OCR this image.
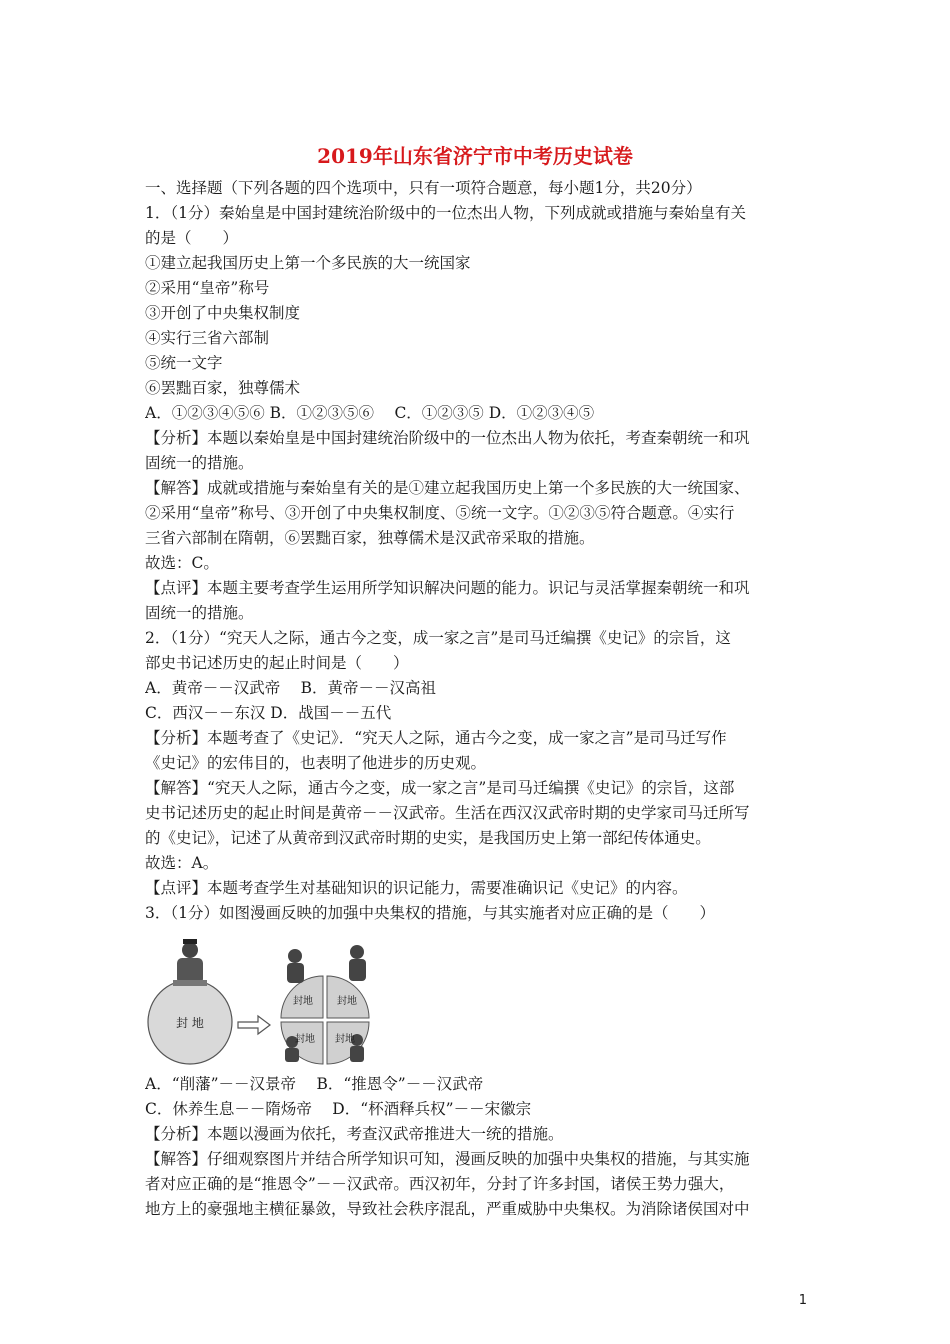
2019年山东省济宁市中考历史试卷
一、选择题（下列各题的四个选项中，只有一项符合题意，每小题1分，共20分）
1．（1分）秦始皇是中国封建统治阶级中的一位杰出人物，下列成就或措施与秦始皇有关
的是（　　）
①建立起我国历史上第一个多民族的大一统国家
②采用“皇帝”称号
③开创了中央集权制度
④实行三省六部制
⑤统一文字
⑥罢黜百家，独尊儒术
A．①②③④⑤⑥ B．①②③⑤⑥　 C．①②③⑤ D．①②③④⑤
【分析】本题以秦始皇是中国封建统治阶级中的一位杰出人物为依托，考查秦朝统一和巩
固统一的措施。
【解答】成就或措施与秦始皇有关的是①建立起我国历史上第一个多民族的大一统国家、
②采用“皇帝”称号、③开创了中央集权制度、⑤统一文字。①②③⑤符合题意。④实行
三省六部制在隋朝，⑥罢黜百家，独尊儒术是汉武帝采取的措施。
故选：C。
【点评】本题主要考查学生运用所学知识解决问题的能力。识记与灵活掌握秦朝统一和巩
固统一的措施。
2．（1分）“究天人之际，通古今之变，成一家之言”是司马迁编撰《史记》的宗旨，这
部史书记述历史的起止时间是（　　）
A．黄帝－－汉武帝　 B．黄帝－－汉高祖
C．西汉－－东汉 D．战国－－五代
【分析】本题考查了《史记》．“究天人之际，通古今之变，成一家之言”是司马迁写作
《史记》的宏伟目的，也表明了他进步的历史观。
【解答】“究天人之际，通古今之变，成一家之言”是司马迁编撰《史记》的宗旨，这部
史书记述历史的起止时间是黄帝－－汉武帝。生活在西汉汉武帝时期的史学家司马迁所写
的《史记》，记述了从黄帝到汉武帝时期的史实，是我国历史上第一部纪传体通史。
故选：A。
【点评】本题考查学生对基础知识的识记能力，需要准确识记《史记》的内容。
3．（1分）如图漫画反映的加强中央集权的措施，与其实施者对应正确的是（　　）
封 地
封地 封地
封地 封地
A．“削藩”－－汉景帝　 B．“推恩令”－－汉武帝
C．休养生息－－隋炀帝　 D．“杯酒释兵权”－－宋徽宗
【分析】本题以漫画为依托，考查汉武帝推进大一统的措施。
【解答】仔细观察图片并结合所学知识可知，漫画反映的加强中央集权的措施，与其实施
者对应正确的是“推恩令”－－汉武帝。西汉初年，分封了许多封国，诸侯王势力强大，
地方上的豪强地主横征暴敛，导致社会秩序混乱，严重威胁中央集权。为消除诸侯国对中
1
